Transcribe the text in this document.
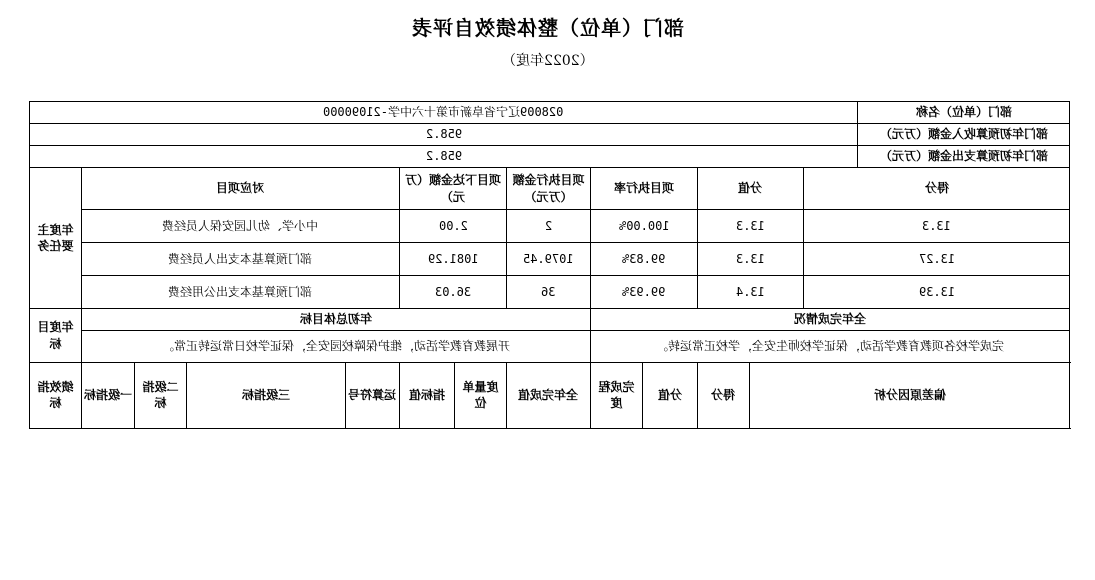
部门（单位）整体绩效自评表
（2022年度）
028009辽宁省阜新市第十六中学-21090000													部门（单位）名称	
958.2													部门年初预算收入金额（万元）	
958.2													部门年初预算支出金额（万元）	
年度主要任务	对应项目				项目下达金额（万元）		项目执行金额（万元）	项目执行率		分值		得分		
	中小学、幼儿园安保人员经费				2.00		2	100.00%		13.3		13.3		
	部门预算基本支出人员经费				1081.29		1079.45	99.83%		13.3		13.27		
	部门预算基本支出公用经费				36.03		36	99.93%		13.4		13.39		
年度目标	年初总体目标							全年完成情况						
	开展教育教学活动，维护保障校园安全，保证学校日常运转正常。							完成学校各项教育教学活动，保证学校师生安全，学校正常运转。						
绩效指标	一级指标	二级指标	三级指标	运算符号	指标值	度量单位	全年完成值	完成程度	分值	得分	偏差原因分析	
